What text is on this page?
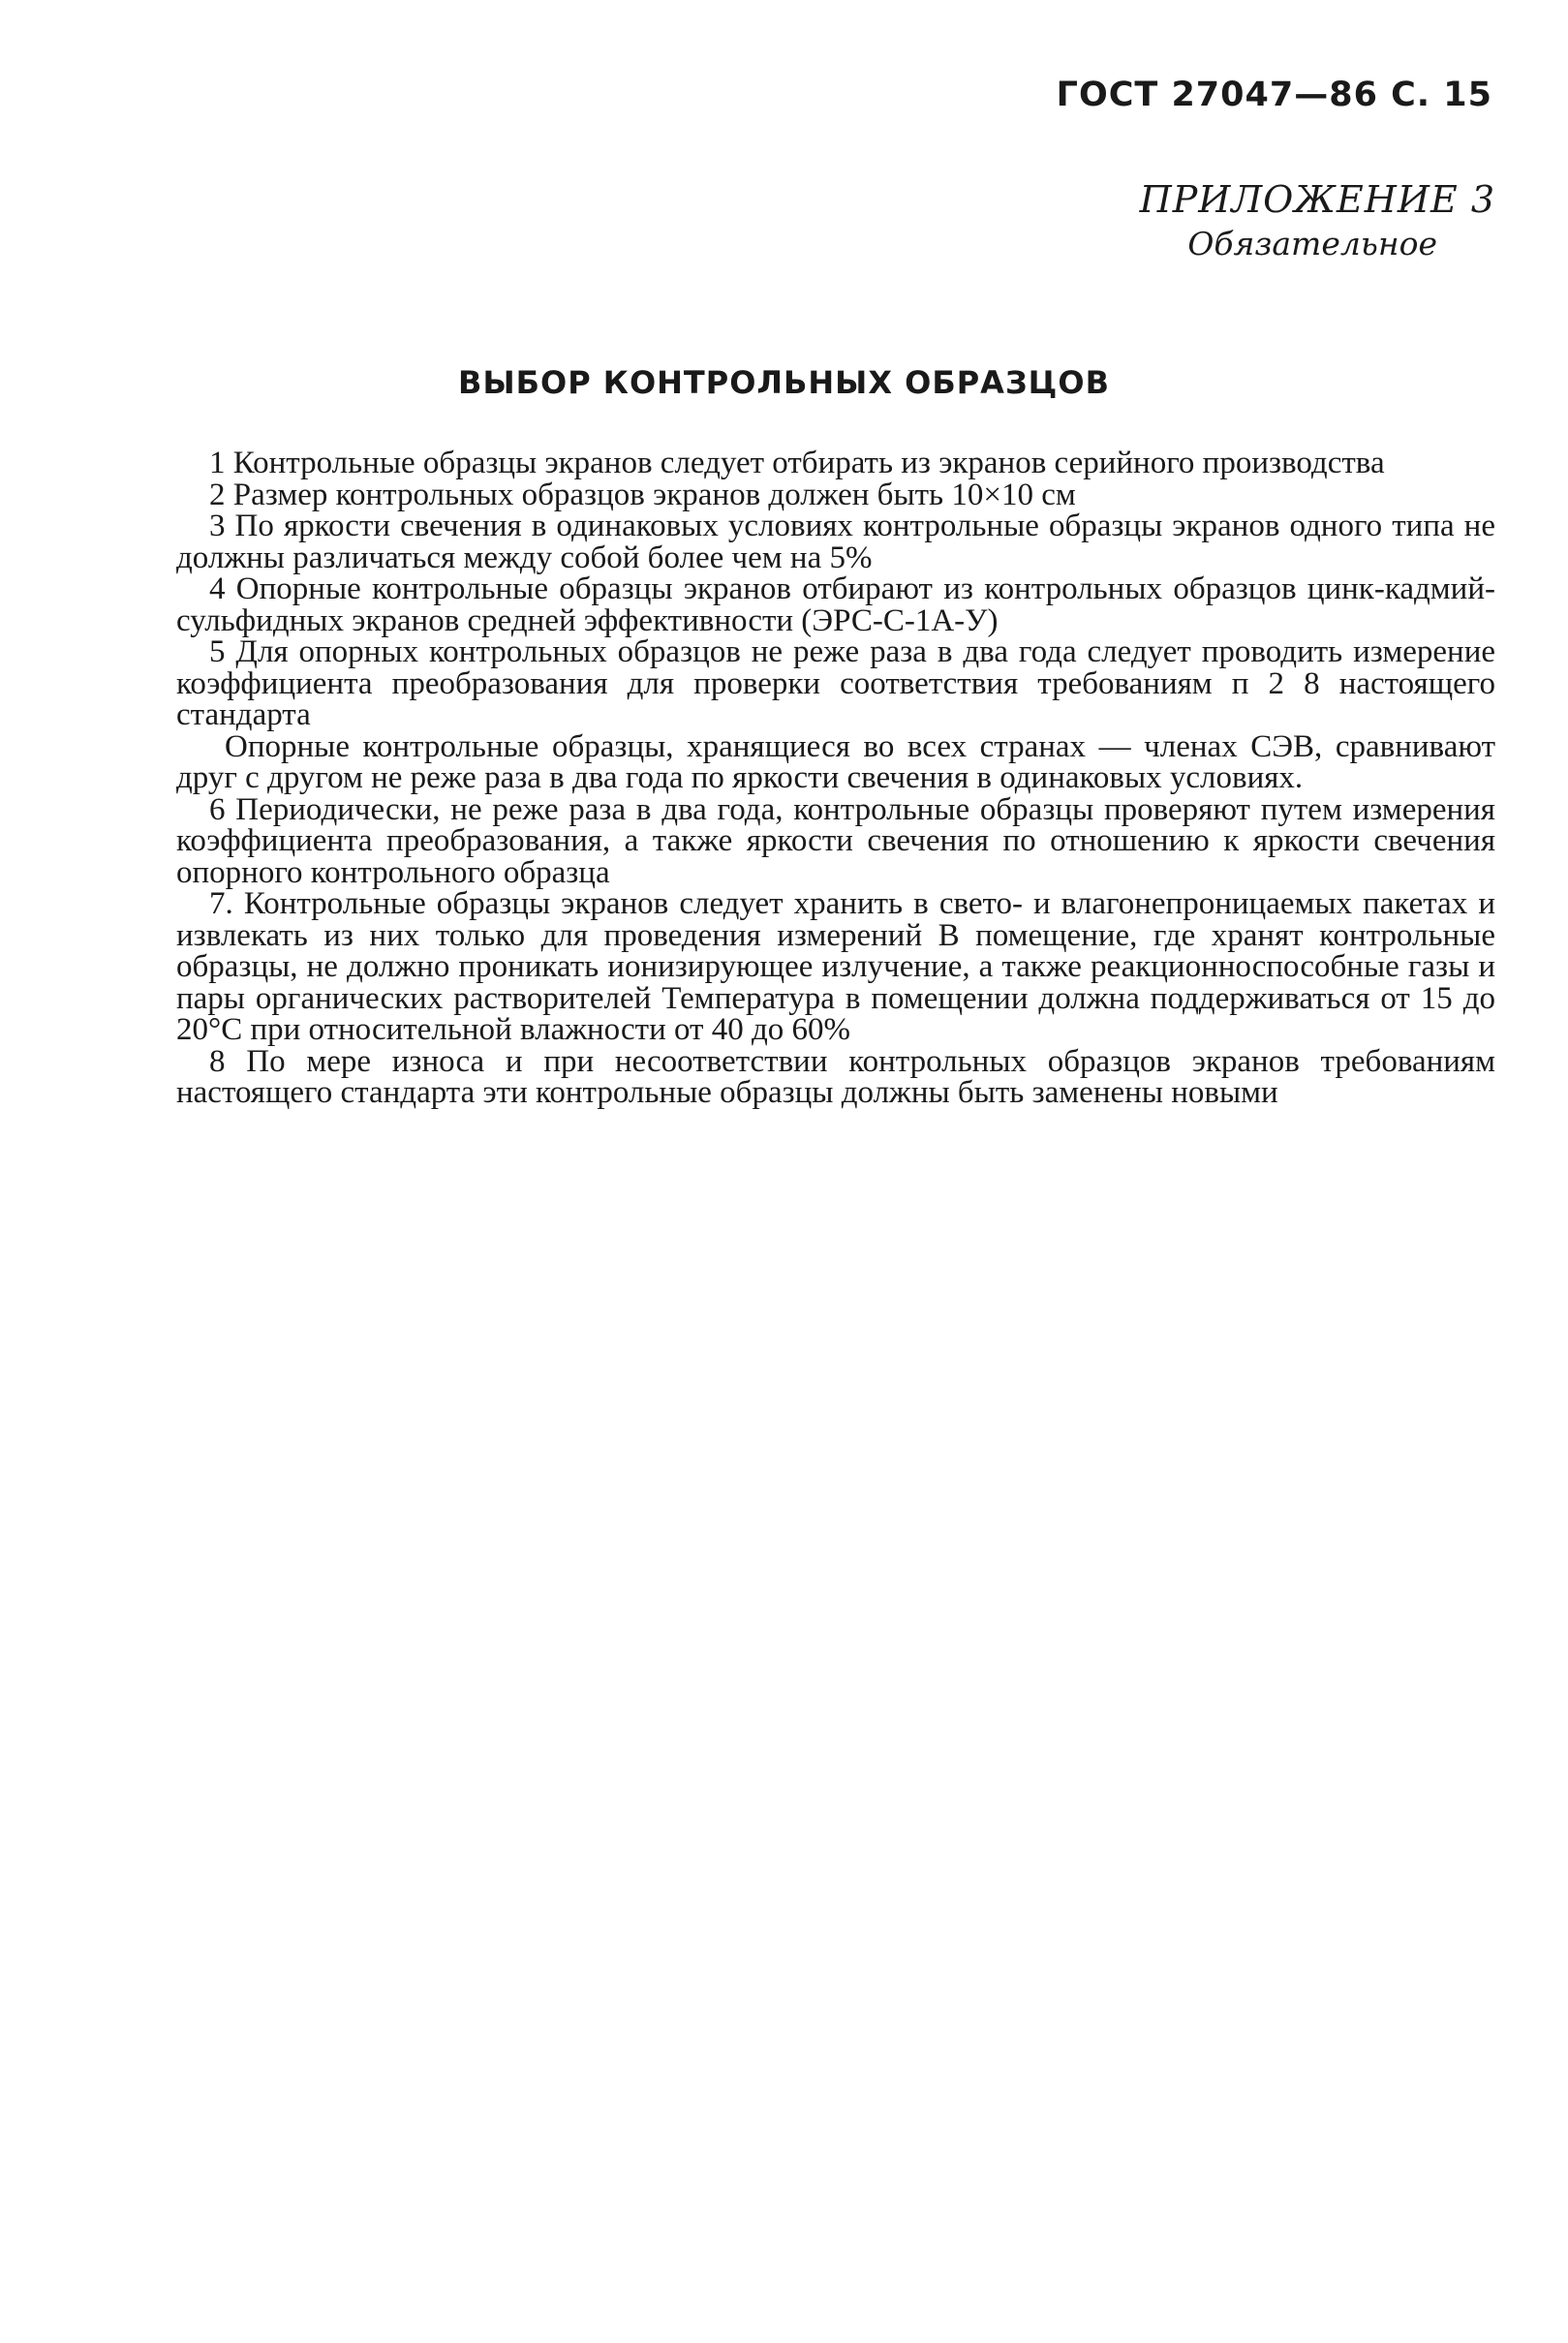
ГОСТ 27047—86 С. 15
ПРИЛОЖЕНИЕ 3
Обязательное
ВЫБОР КОНТРОЛЬНЫХ ОБРАЗЦОВ

1 Контрольные образцы экранов следует отбирать из экранов серийного производства

2 Размер контрольных образцов экранов должен быть 10×10 см

3 По яркости свечения в одинаковых условиях контрольные образцы экранов одного типа не должны различаться между собой более чем на 5%

4 Опорные контрольные образцы экранов отбирают из контрольных образцов цинк-кадмий-сульфидных экранов средней эффективности (ЭРС-С-1А-У)

5 Для опорных контрольных образцов не реже раза в два года следует проводить измерение коэффициента преобразования для проверки соответствия требованиям п 2 8 настоящего стандарта

Опорные контрольные образцы, хранящиеся во всех странах — членах СЭВ, сравнивают друг с другом не реже раза в два года по яркости свечения в одинаковых условиях.

6 Периодически, не реже раза в два года, контрольные образцы проверяют путем измерения коэффициента преобразования, а также яркости свечения по отношению к яркости свечения опорного контрольного образца

7. Контрольные образцы экранов следует хранить в свето- и влагонепроницаемых пакетах и извлекать из них только для проведения измерений В помещение, где хранят контрольные образцы, не должно проникать ионизирующее излучение, а также реакционноспособные газы и пары органических растворителей Температура в помещении должна поддерживаться от 15 до 20°С при относительной влажности от 40 до 60%

8 По мере износа и при несоответствии контрольных образцов экранов требованиям настоящего стандарта эти контрольные образцы должны быть заменены новыми
